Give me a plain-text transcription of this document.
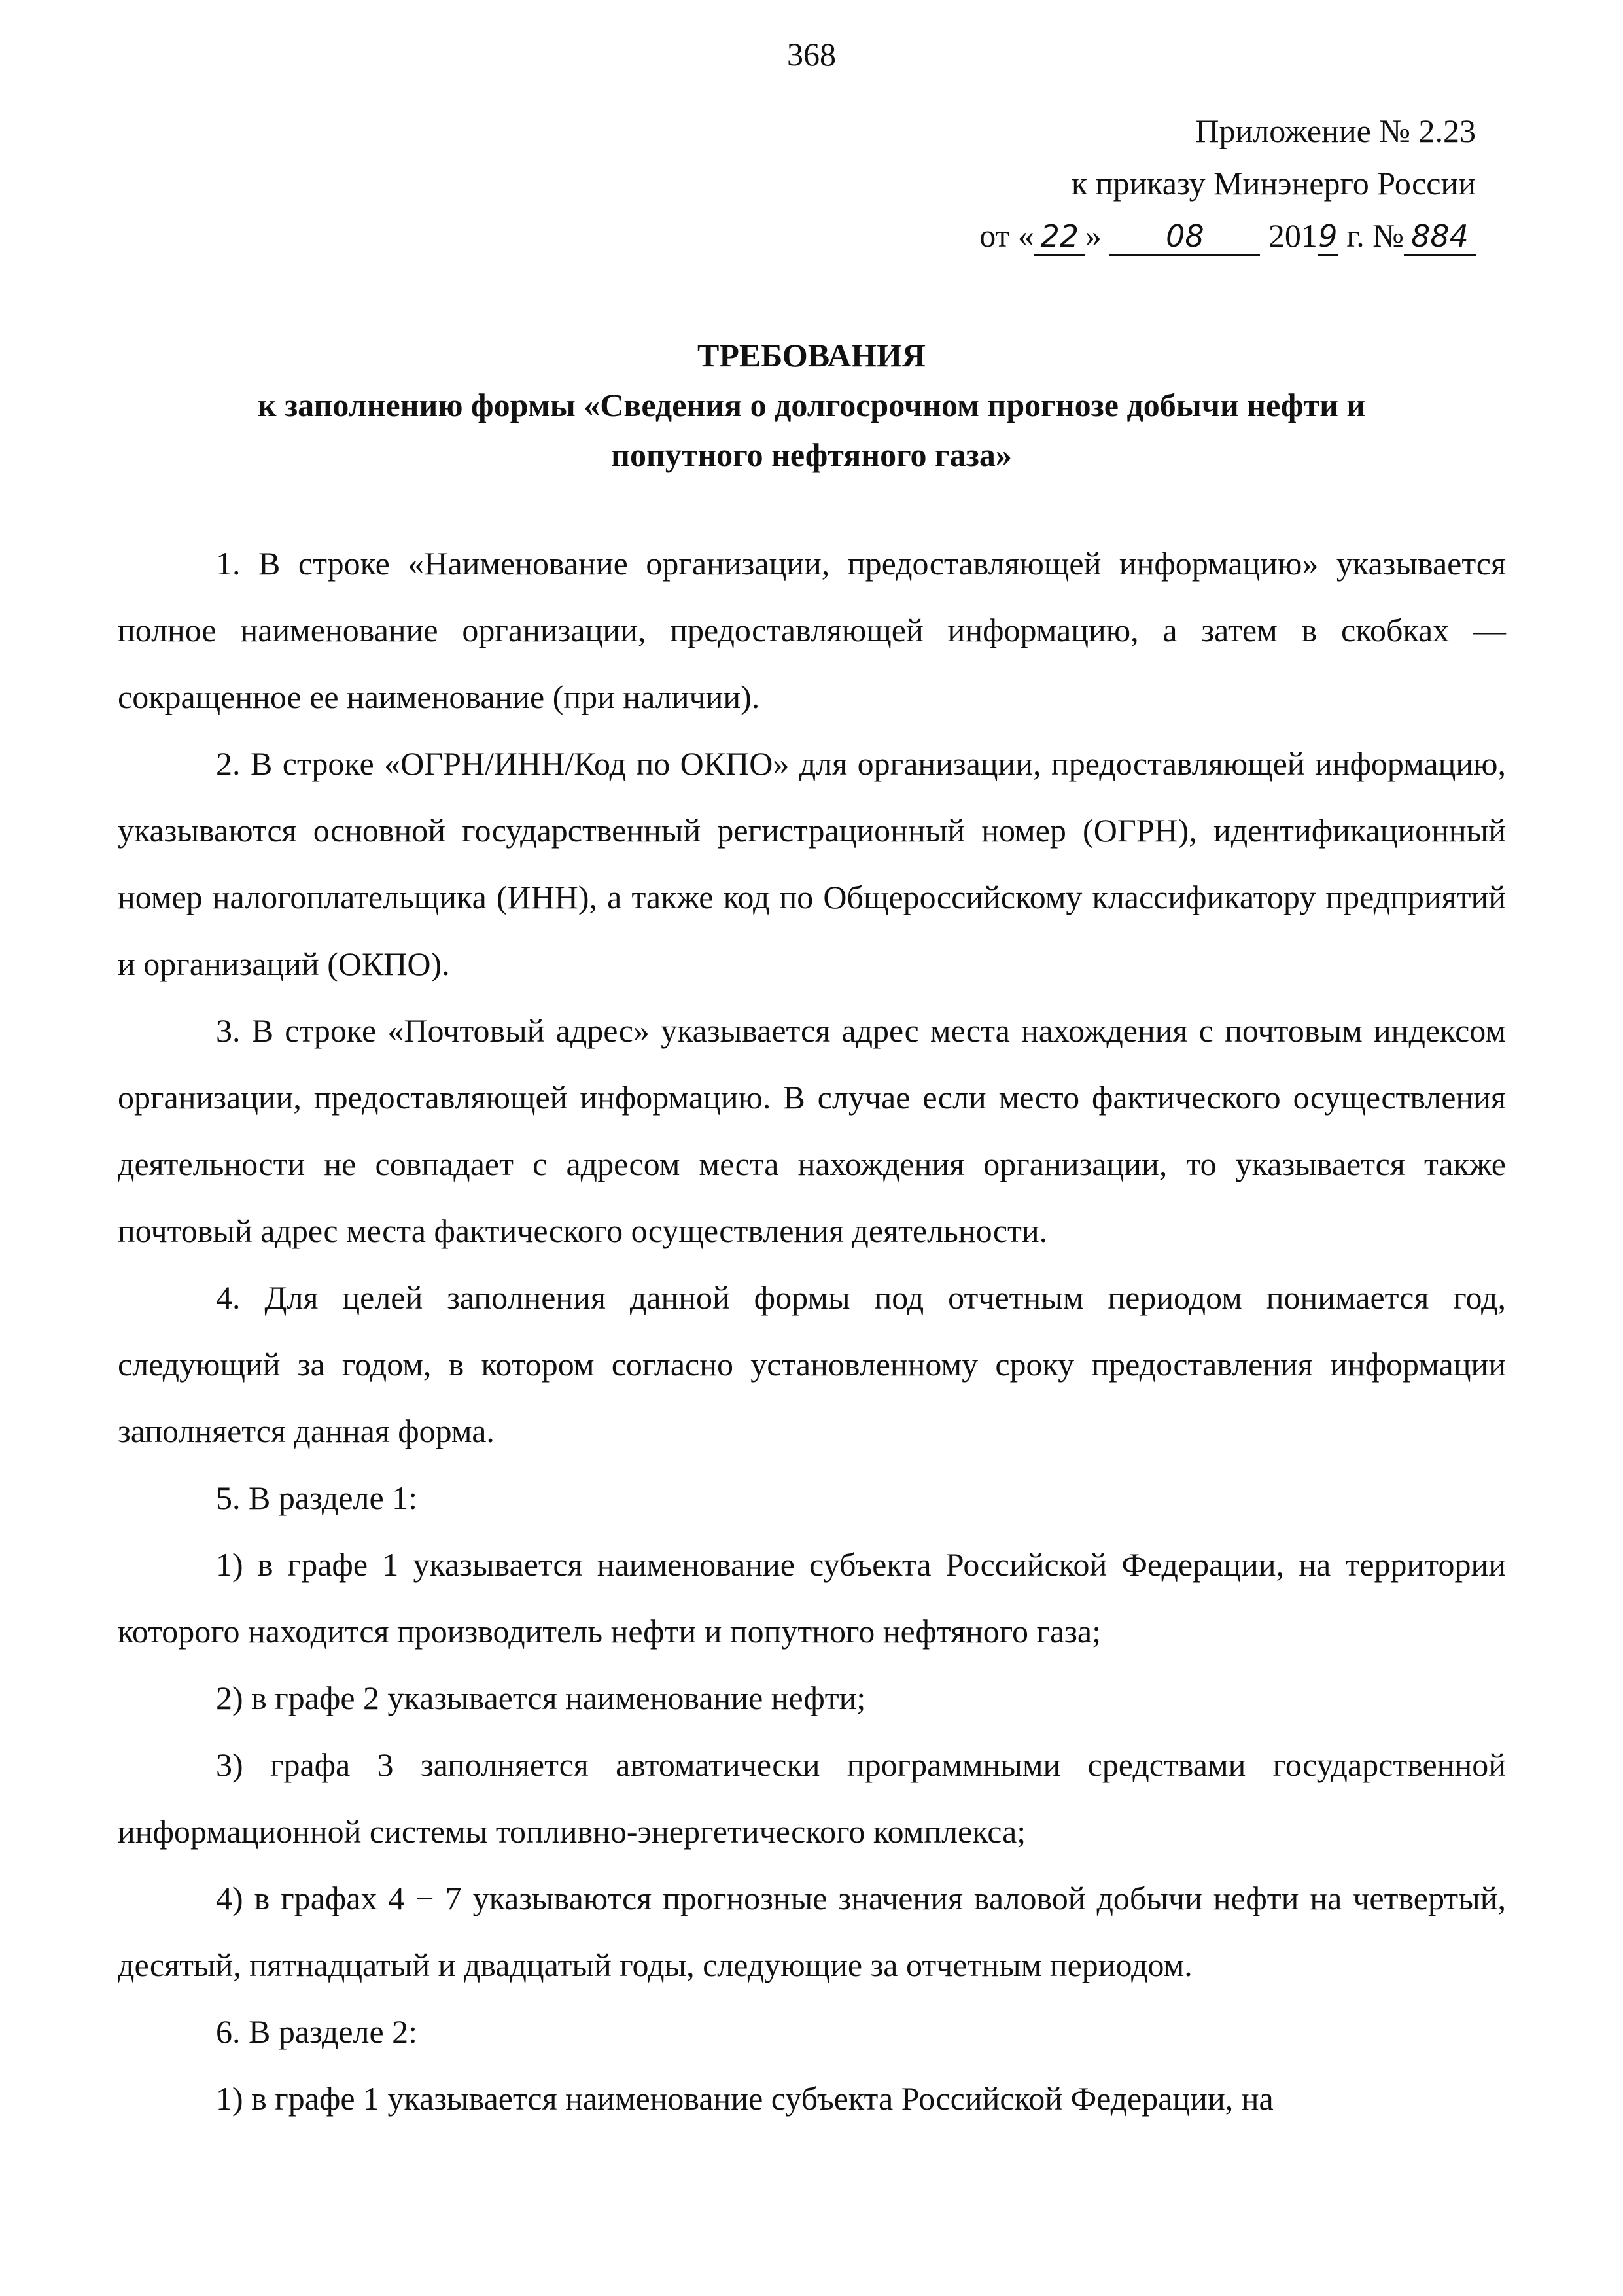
368
Приложение № 2.23
к приказу Минэнерго России
от « 22 » 08 2019 г. № 884
ТРЕБОВАНИЯ
к заполнению формы «Сведения о долгосрочном прогнозе добычи нефти и
попутного нефтяного газа»

1. В строке «Наименование организации, предоставляющей информацию» указывается полное наименование организации, предоставляющей информацию, а затем в скобках — сокращенное ее наименование (при наличии).

2. В строке «ОГРН/ИНН/Код по ОКПО» для организации, предоставляющей информацию, указываются основной государственный регистрационный номер (ОГРН), идентификационный номер налогоплательщика (ИНН), а также код по Общероссийскому классификатору предприятий и организаций (ОКПО).

3. В строке «Почтовый адрес» указывается адрес места нахождения с почтовым индексом организации, предоставляющей информацию. В случае если место фактического осуществления деятельности не совпадает с адресом места нахождения организации, то указывается также почтовый адрес места фактического осуществления деятельности.

4. Для целей заполнения данной формы под отчетным периодом понимается год, следующий за годом, в котором согласно установленному сроку предоставления информации заполняется данная форма.

5. В разделе 1:

1) в графе 1 указывается наименование субъекта Российской Федерации, на территории которого находится производитель нефти и попутного нефтяного газа;

2) в графе 2 указывается наименование нефти;

3) графа 3 заполняется автоматически программными средствами государственной информационной системы топливно-энергетического комплекса;

4) в графах 4 − 7 указываются прогнозные значения валовой добычи нефти на четвертый, десятый, пятнадцатый и двадцатый годы, следующие за отчетным периодом.

6. В разделе 2:

1) в графе 1 указывается наименование субъекта Российской Федерации, на
